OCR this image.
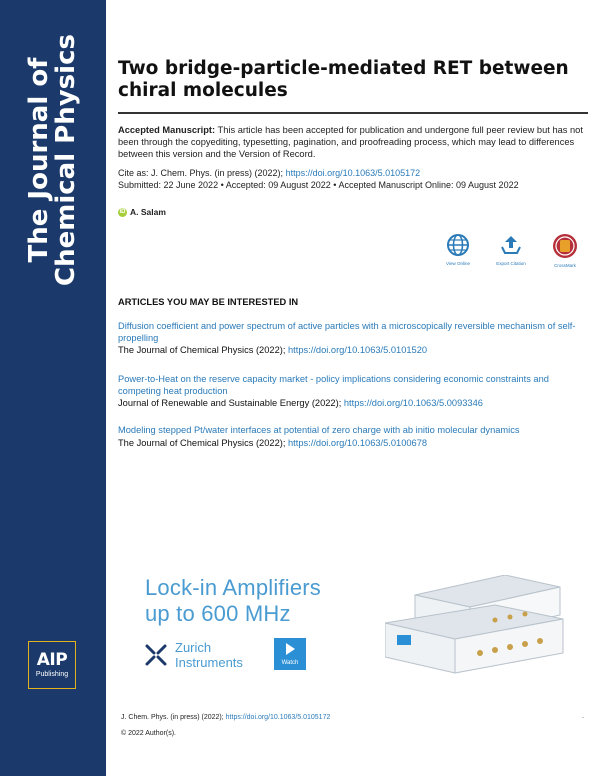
The Journal of
Chemical Physics
AIP
Publishing
Two bridge-particle-mediated RET between chiral molecules
Accepted Manuscript: This article has been accepted for publication and undergone full peer review but has not been through the copyediting, typesetting, pagination, and proofreading process, which may lead to differences between this version and the Version of Record.
Cite as: J. Chem. Phys. (in press) (2022); https://doi.org/10.1063/5.0105172
Submitted: 22 June 2022 • Accepted: 09 August 2022 • Accepted Manuscript Online: 09 August 2022
iD A. Salam
View Online	Export Citation	CrossMark
ARTICLES YOU MAY BE INTERESTED IN
Diffusion coefficient and power spectrum of active particles with a microscopically reversible mechanism of self-propelling
The Journal of Chemical Physics (2022); https://doi.org/10.1063/5.0101520
Power-to-Heat on the reserve capacity market - policy implications considering economic constraints and competing heat production
Journal of Renewable and Sustainable Energy (2022); https://doi.org/10.1063/5.0093346
Modeling stepped Pt/water interfaces at potential of zero charge with ab initio molecular dynamics
The Journal of Chemical Physics (2022); https://doi.org/10.1063/5.0100678
Lock-in Amplifiers
up to 600 MHz
Zurich
Instruments	Watch
J. Chem. Phys. (in press) (2022); https://doi.org/10.1063/5.0105172	.
© 2022 Author(s).
